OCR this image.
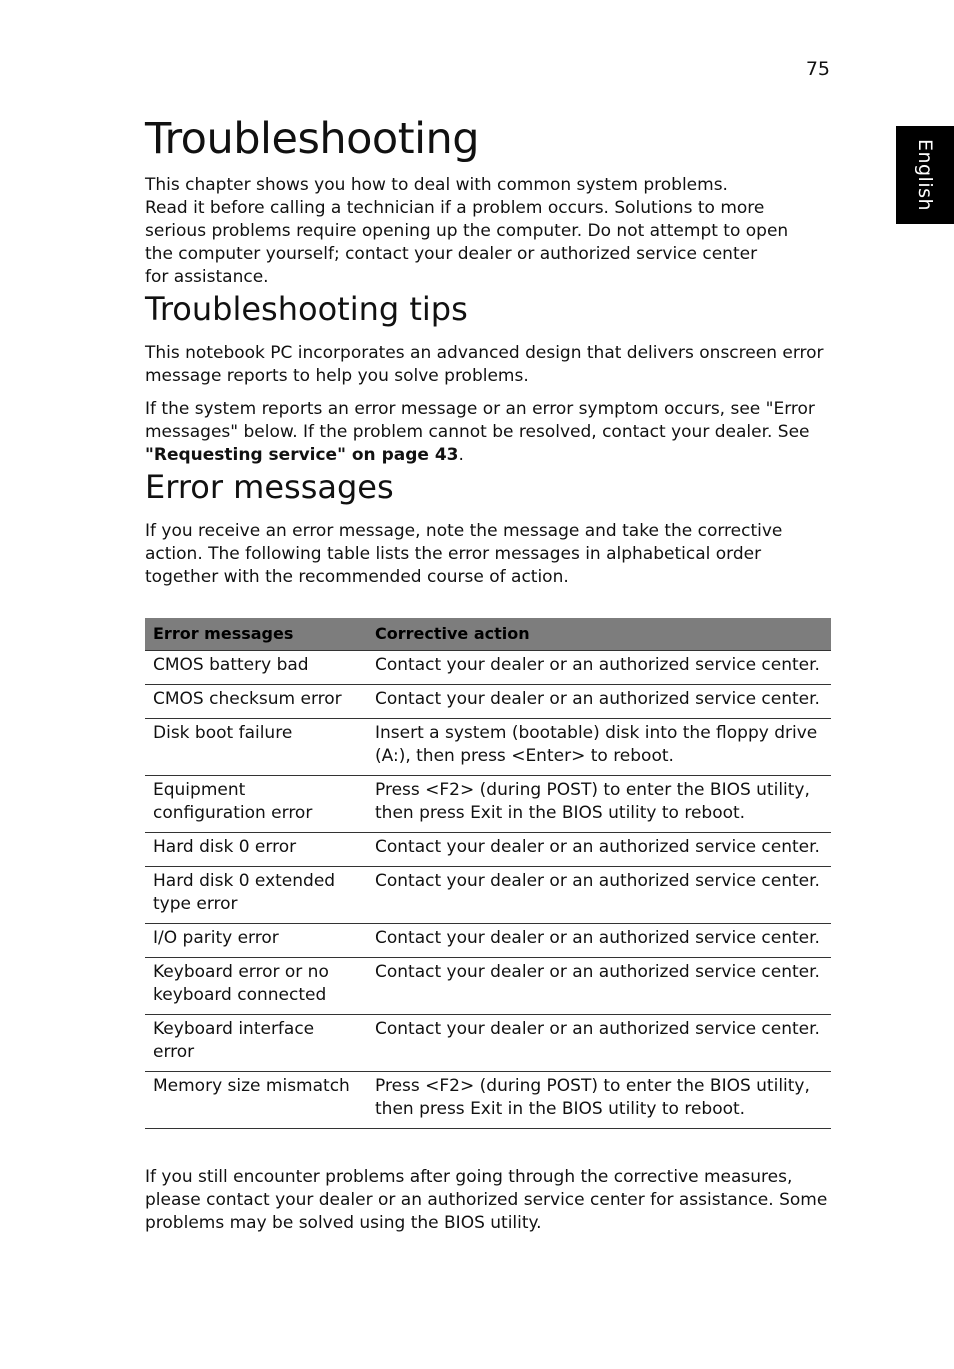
75
English
Troubleshooting

This chapter shows you how to deal with common system problems.
Read it before calling a technician if a problem occurs. Solutions to more
serious problems require opening up the computer. Do not attempt to open
the computer yourself; contact your dealer or authorized service center
for assistance.

Troubleshooting tips

This notebook PC incorporates an advanced design that delivers onscreen error message reports to help you solve problems.

If the system reports an error message or an error symptom occurs, see "Error messages" below. If the problem cannot be resolved, contact your dealer. See "Requesting service" on page 43.

Error messages

If you receive an error message, note the message and take the corrective action. The following table lists the error messages in alphabetical order together with the recommended course of action.

Error messages	Corrective action
CMOS battery bad	Contact your dealer or an authorized service center.
CMOS checksum error	Contact your dealer or an authorized service center.
Disk boot failure	Insert a system (bootable) disk into the floppy drive (A:), then press <Enter> to reboot.
Equipment configuration error	Press <F2> (during POST) to enter the BIOS utility, then press Exit in the BIOS utility to reboot.
Hard disk 0 error	Contact your dealer or an authorized service center.
Hard disk 0 extended type error	Contact your dealer or an authorized service center.
I/O parity error	Contact your dealer or an authorized service center.
Keyboard error or no keyboard connected	Contact your dealer or an authorized service center.
Keyboard interface error	Contact your dealer or an authorized service center.
Memory size mismatch	Press <F2> (during POST) to enter the BIOS utility, then press Exit in the BIOS utility to reboot.

If you still encounter problems after going through the corrective measures, please contact your dealer or an authorized service center for assistance. Some problems may be solved using the BIOS utility.
